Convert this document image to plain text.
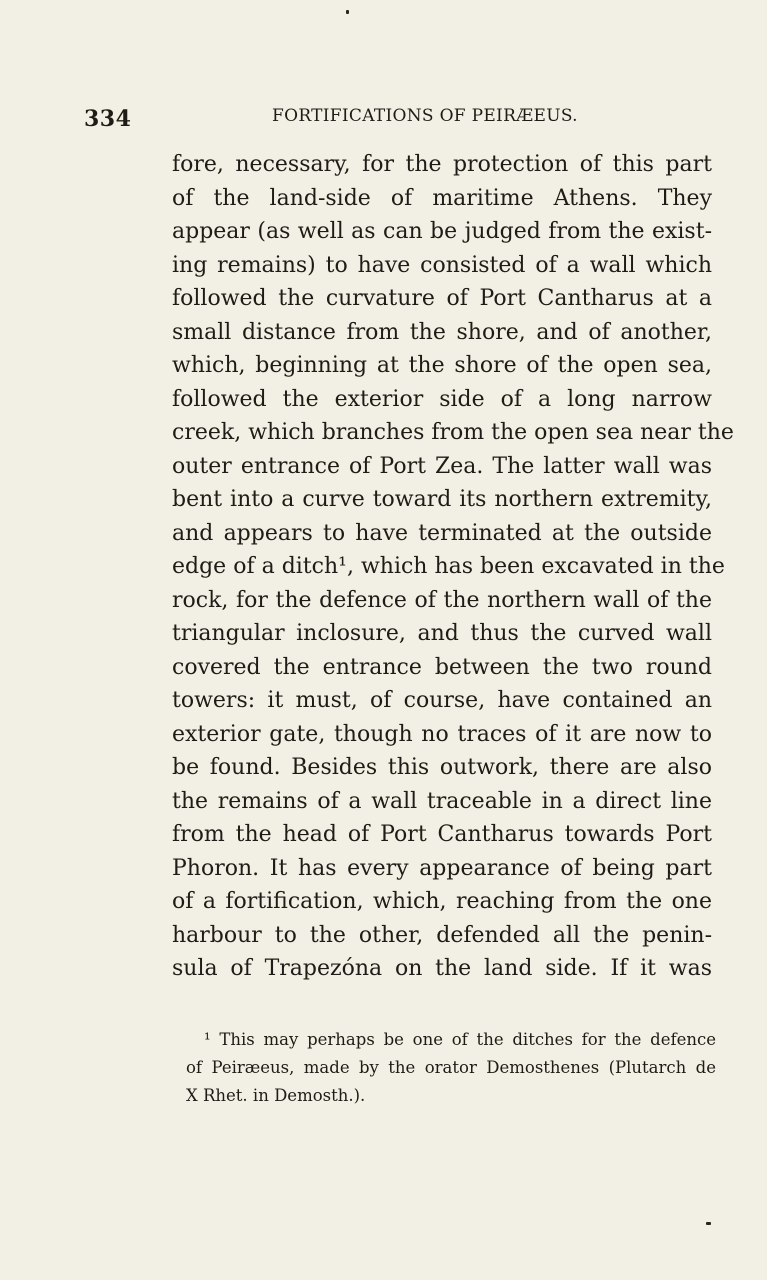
334	FORTIFICATIONS OF PEIRÆEUS.
fore, necessary, for the protection of this part
of the land-side of maritime Athens. They
appear (as well as can be judged from the exist-
ing remains) to have consisted of a wall which
followed the curvature of Port Cantharus at a
small distance from the shore, and of another,
which, beginning at the shore of the open sea,
followed the exterior side of a long narrow
creek, which branches from the open sea near the
outer entrance of Port Zea. The latter wall was
bent into a curve toward its northern extremity,
and appears to have terminated at the outside
edge of a ditch¹, which has been excavated in the
rock, for the defence of the northern wall of the
triangular inclosure, and thus the curved wall
covered the entrance between the two round
towers: it must, of course, have contained an
exterior gate, though no traces of it are now to
be found. Besides this outwork, there are also
the remains of a wall traceable in a direct line
from the head of Port Cantharus towards Port
Phoron. It has every appearance of being part
of a fortification, which, reaching from the one
harbour to the other, defended all the penin-
sula of Trapezóna on the land side. If it was
¹ This may perhaps be one of the ditches for the defence
of Peiræeus, made by the orator Demosthenes (Plutarch de
X Rhet. in Demosth.).
